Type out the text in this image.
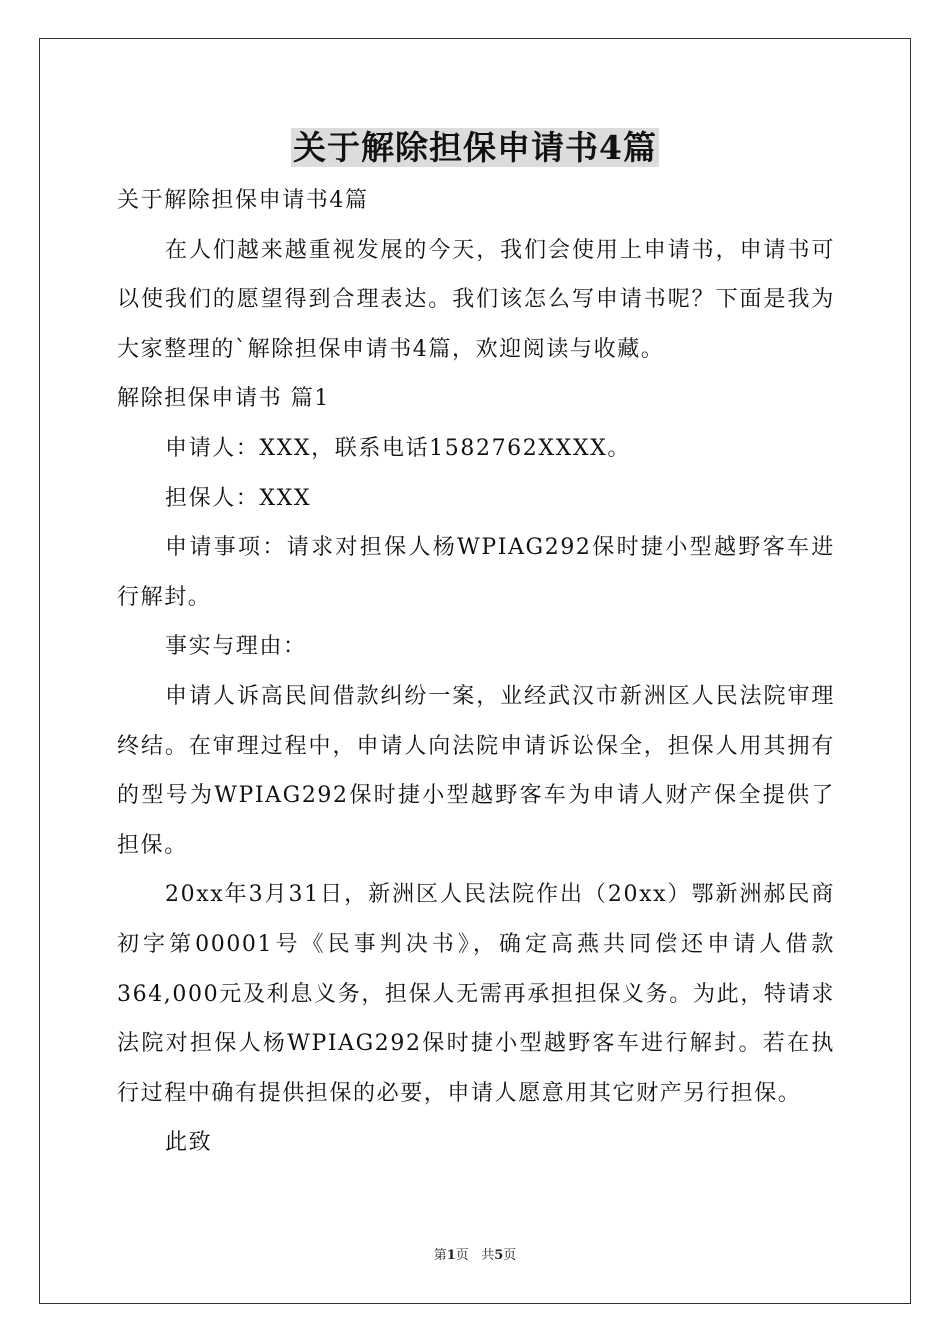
关于解除担保申请书4篇

关于解除担保申请书4篇

在人们越来越重视发展的今天，我们会使用上申请书，申请书可以使我们的愿望得到合理表达。我们该怎么写申请书呢？下面是我为大家整理的`解除担保申请书4篇，欢迎阅读与收藏。

解除担保申请书 篇1

申请人：XXX，联系电话1582762XXXX。

担保人：XXX

申请事项：请求对担保人杨WPIAG292保时捷小型越野客车进行解封。

事实与理由：

申请人诉高民间借款纠纷一案，业经武汉市新洲区人民法院审理终结。在审理过程中，申请人向法院申请诉讼保全，担保人用其拥有的型号为WPIAG292保时捷小型越野客车为申请人财产保全提供了担保。

20xx年3月31日，新洲区人民法院作出（20xx）鄂新洲郝民商初字第00001号《民事判决书》，确定高燕共同偿还申请人借款364,000元及利息义务，担保人无需再承担担保义务。为此，特请求法院对担保人杨WPIAG292保时捷小型越野客车进行解封。若在执行过程中确有提供担保的必要，申请人愿意用其它财产另行担保。

此致

第1页 共5页
